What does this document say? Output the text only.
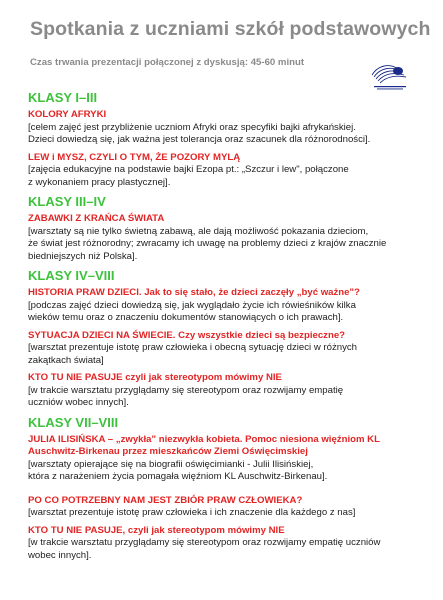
Spotkania z uczniami szkół podstawowych
Czas trwania prezentacji połączonej z dyskusją: 45-60 minut
KLASY I–III
KOLORY AFRYKI
[celem zajęć jest przybliżenie uczniom Afryki oraz specyfiki bajki afrykańskiej.
Dzieci dowiedzą się, jak ważna jest tolerancja oraz szacunek dla różnorodności].
LEW i MYSZ, CZYLI O TYM, ŻE POZORY MYLĄ
[zajęcia edukacyjne na podstawie bajki Ezopa pt.: „Szczur i lew", połączone
z wykonaniem pracy plastycznej].
KLASY III–IV
ZABAWKI Z KRAŃCA ŚWIATA
[warsztaty są nie tylko świetną zabawą, ale dają możliwość pokazania dzieciom,
że świat jest różnorodny; zwracamy ich uwagę na problemy dzieci z krajów znacznie
biedniejszych niż Polska].
KLASY IV–VIII
HISTORIA PRAW DZIECI. Jak to się stało, że dzieci zaczęły „być ważne"?
[podczas zajęć dzieci dowiedzą się, jak wyglądało życie ich rówieśników kilka
wieków temu oraz o znaczeniu dokumentów stanowiących o ich prawach].
SYTUACJA DZIECI NA ŚWIECIE. Czy wszystkie dzieci są bezpieczne?
[warsztat prezentuje istotę praw człowieka i obecną sytuację dzieci w różnych
zakątkach świata]
KTO TU NIE PASUJE czyli jak stereotypom mówimy NIE
[w trakcie warsztatu przyglądamy się stereotypom oraz rozwijamy empatię
uczniów wobec innych].
KLASY VII–VIII
JULIA ILISIŃSKA – „zwykła" niezwykła kobieta. Pomoc niesiona więźniom KL Auschwitz-Birkenau przez mieszkańców Ziemi Oświęcimskiej
[warsztaty opierające się na biografii oświęcimianki - Julii Ilisińskiej,
która z narażeniem życia pomagała więźniom KL Auschwitz-Birkenau].
PO CO POTRZEBNY NAM JEST ZBIÓR PRAW CZŁOWIEKA?
[warsztat prezentuje istotę praw człowieka i ich znaczenie dla każdego z nas]
KTO TU NIE PASUJE, czyli jak stereotypom mówimy NIE
[w trakcie warsztatu przyglądamy się stereotypom oraz rozwijamy empatię uczniów
wobec innych].
